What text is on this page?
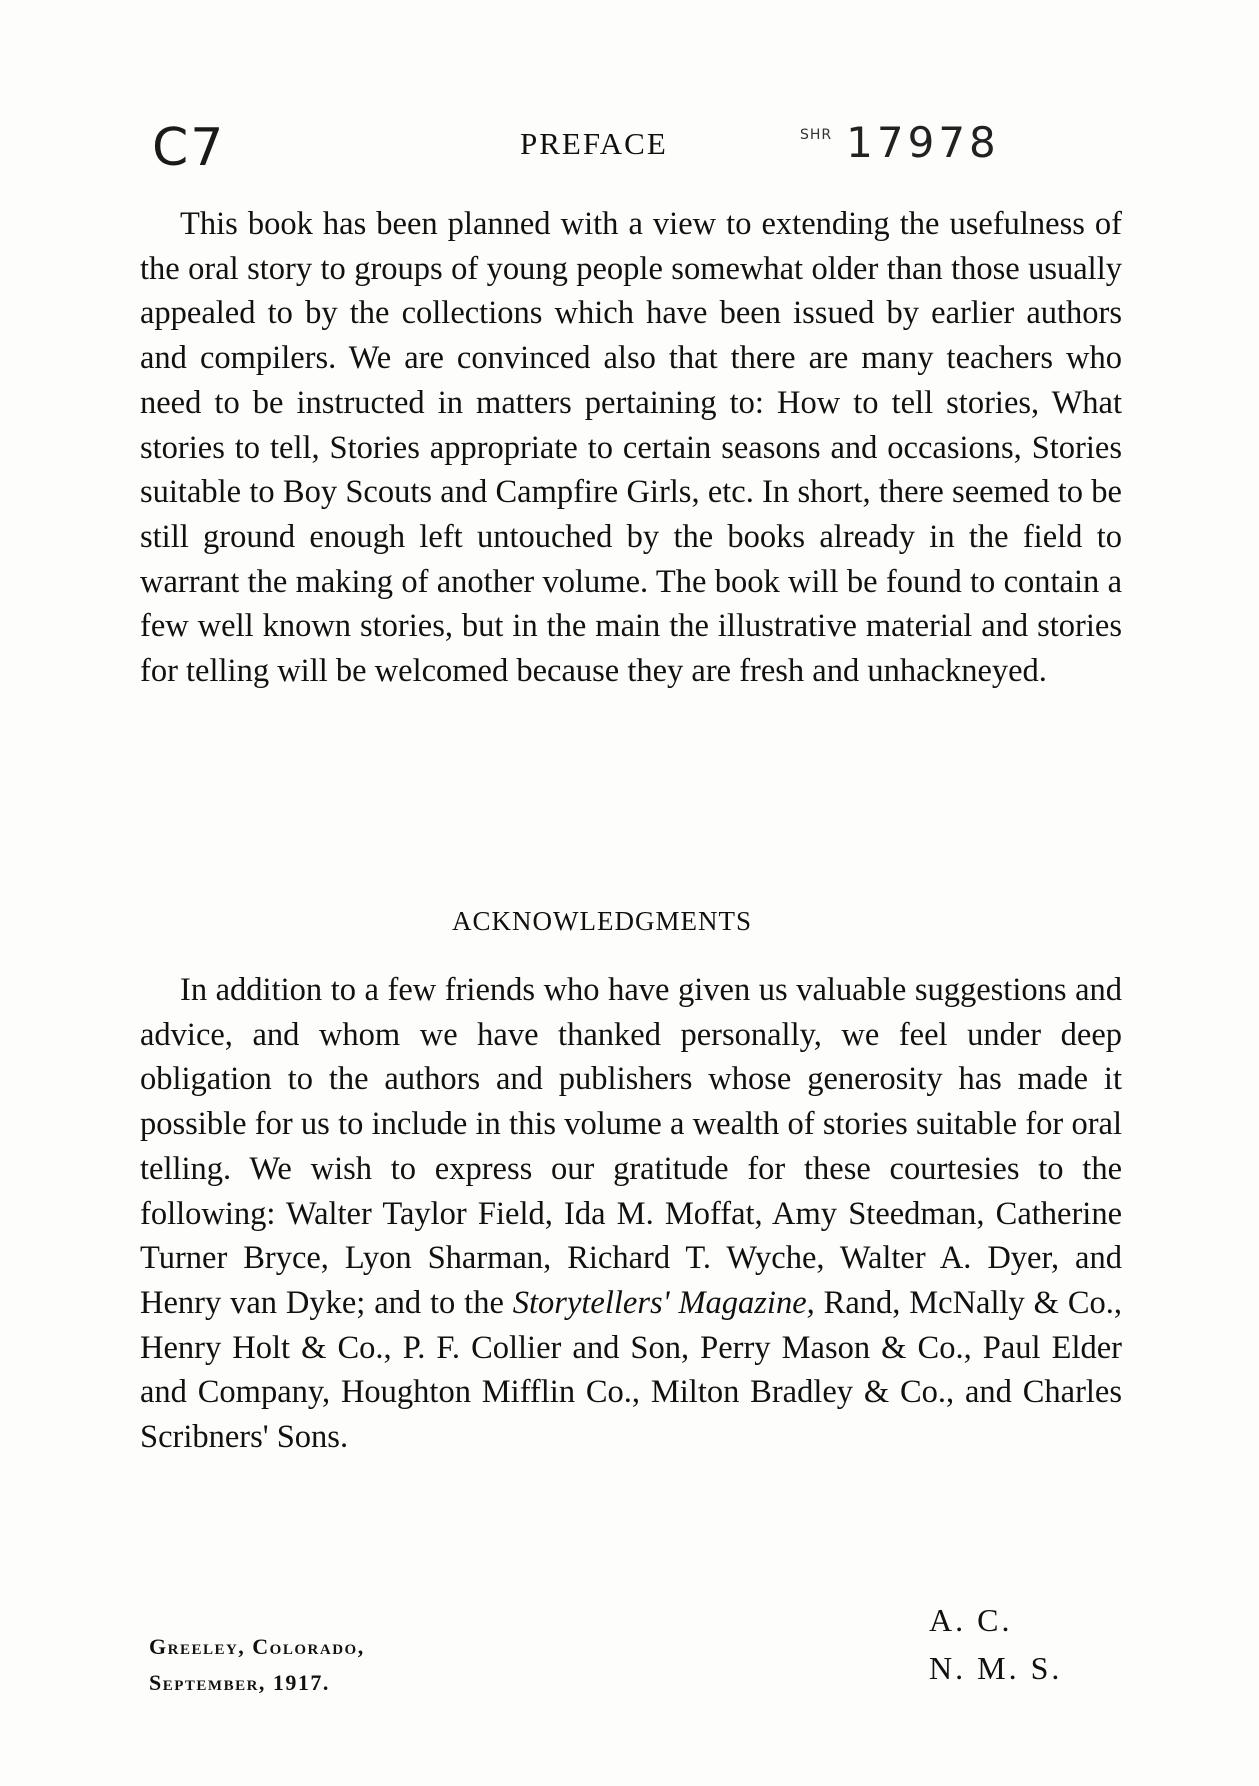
C7	$^{SHR}$ 17978
PREFACE

This book has been planned with a view to extending the usefulness of the oral story to groups of young people somewhat older than those usually appealed to by the collections which have been issued by earlier authors and compilers. We are convinced also that there are many teachers who need to be instructed in matters pertaining to: How to tell stories, What stories to tell, Stories appropriate to certain seasons and occasions, Stories suitable to Boy Scouts and Campfire Girls, etc. In short, there seemed to be still ground enough left untouched by the books already in the field to warrant the making of another volume. The book will be found to contain a few well known stories, but in the main the illustrative material and stories for telling will be welcomed because they are fresh and unhackneyed.

ACKNOWLEDGMENTS

In addition to a few friends who have given us valuable suggestions and advice, and whom we have thanked personally, we feel under deep obligation to the authors and publishers whose generosity has made it possible for us to include in this volume a wealth of stories suitable for oral telling. We wish to express our gratitude for these courtesies to the following: Walter Taylor Field, Ida M. Moffat, Amy Steedman, Catherine Turner Bryce, Lyon Sharman, Richard T. Wyche, Walter A. Dyer, and Henry van Dyke; and to the Storytellers' Magazine, Rand, McNally & Co., Henry Holt & Co., P. F. Collier and Son, Perry Mason & Co., Paul Elder and Company, Houghton Mifflin Co., Milton Bradley & Co., and Charles Scribners' Sons.

A. C.
N. M. S.
Greeley, Colorado,
September, 1917.
